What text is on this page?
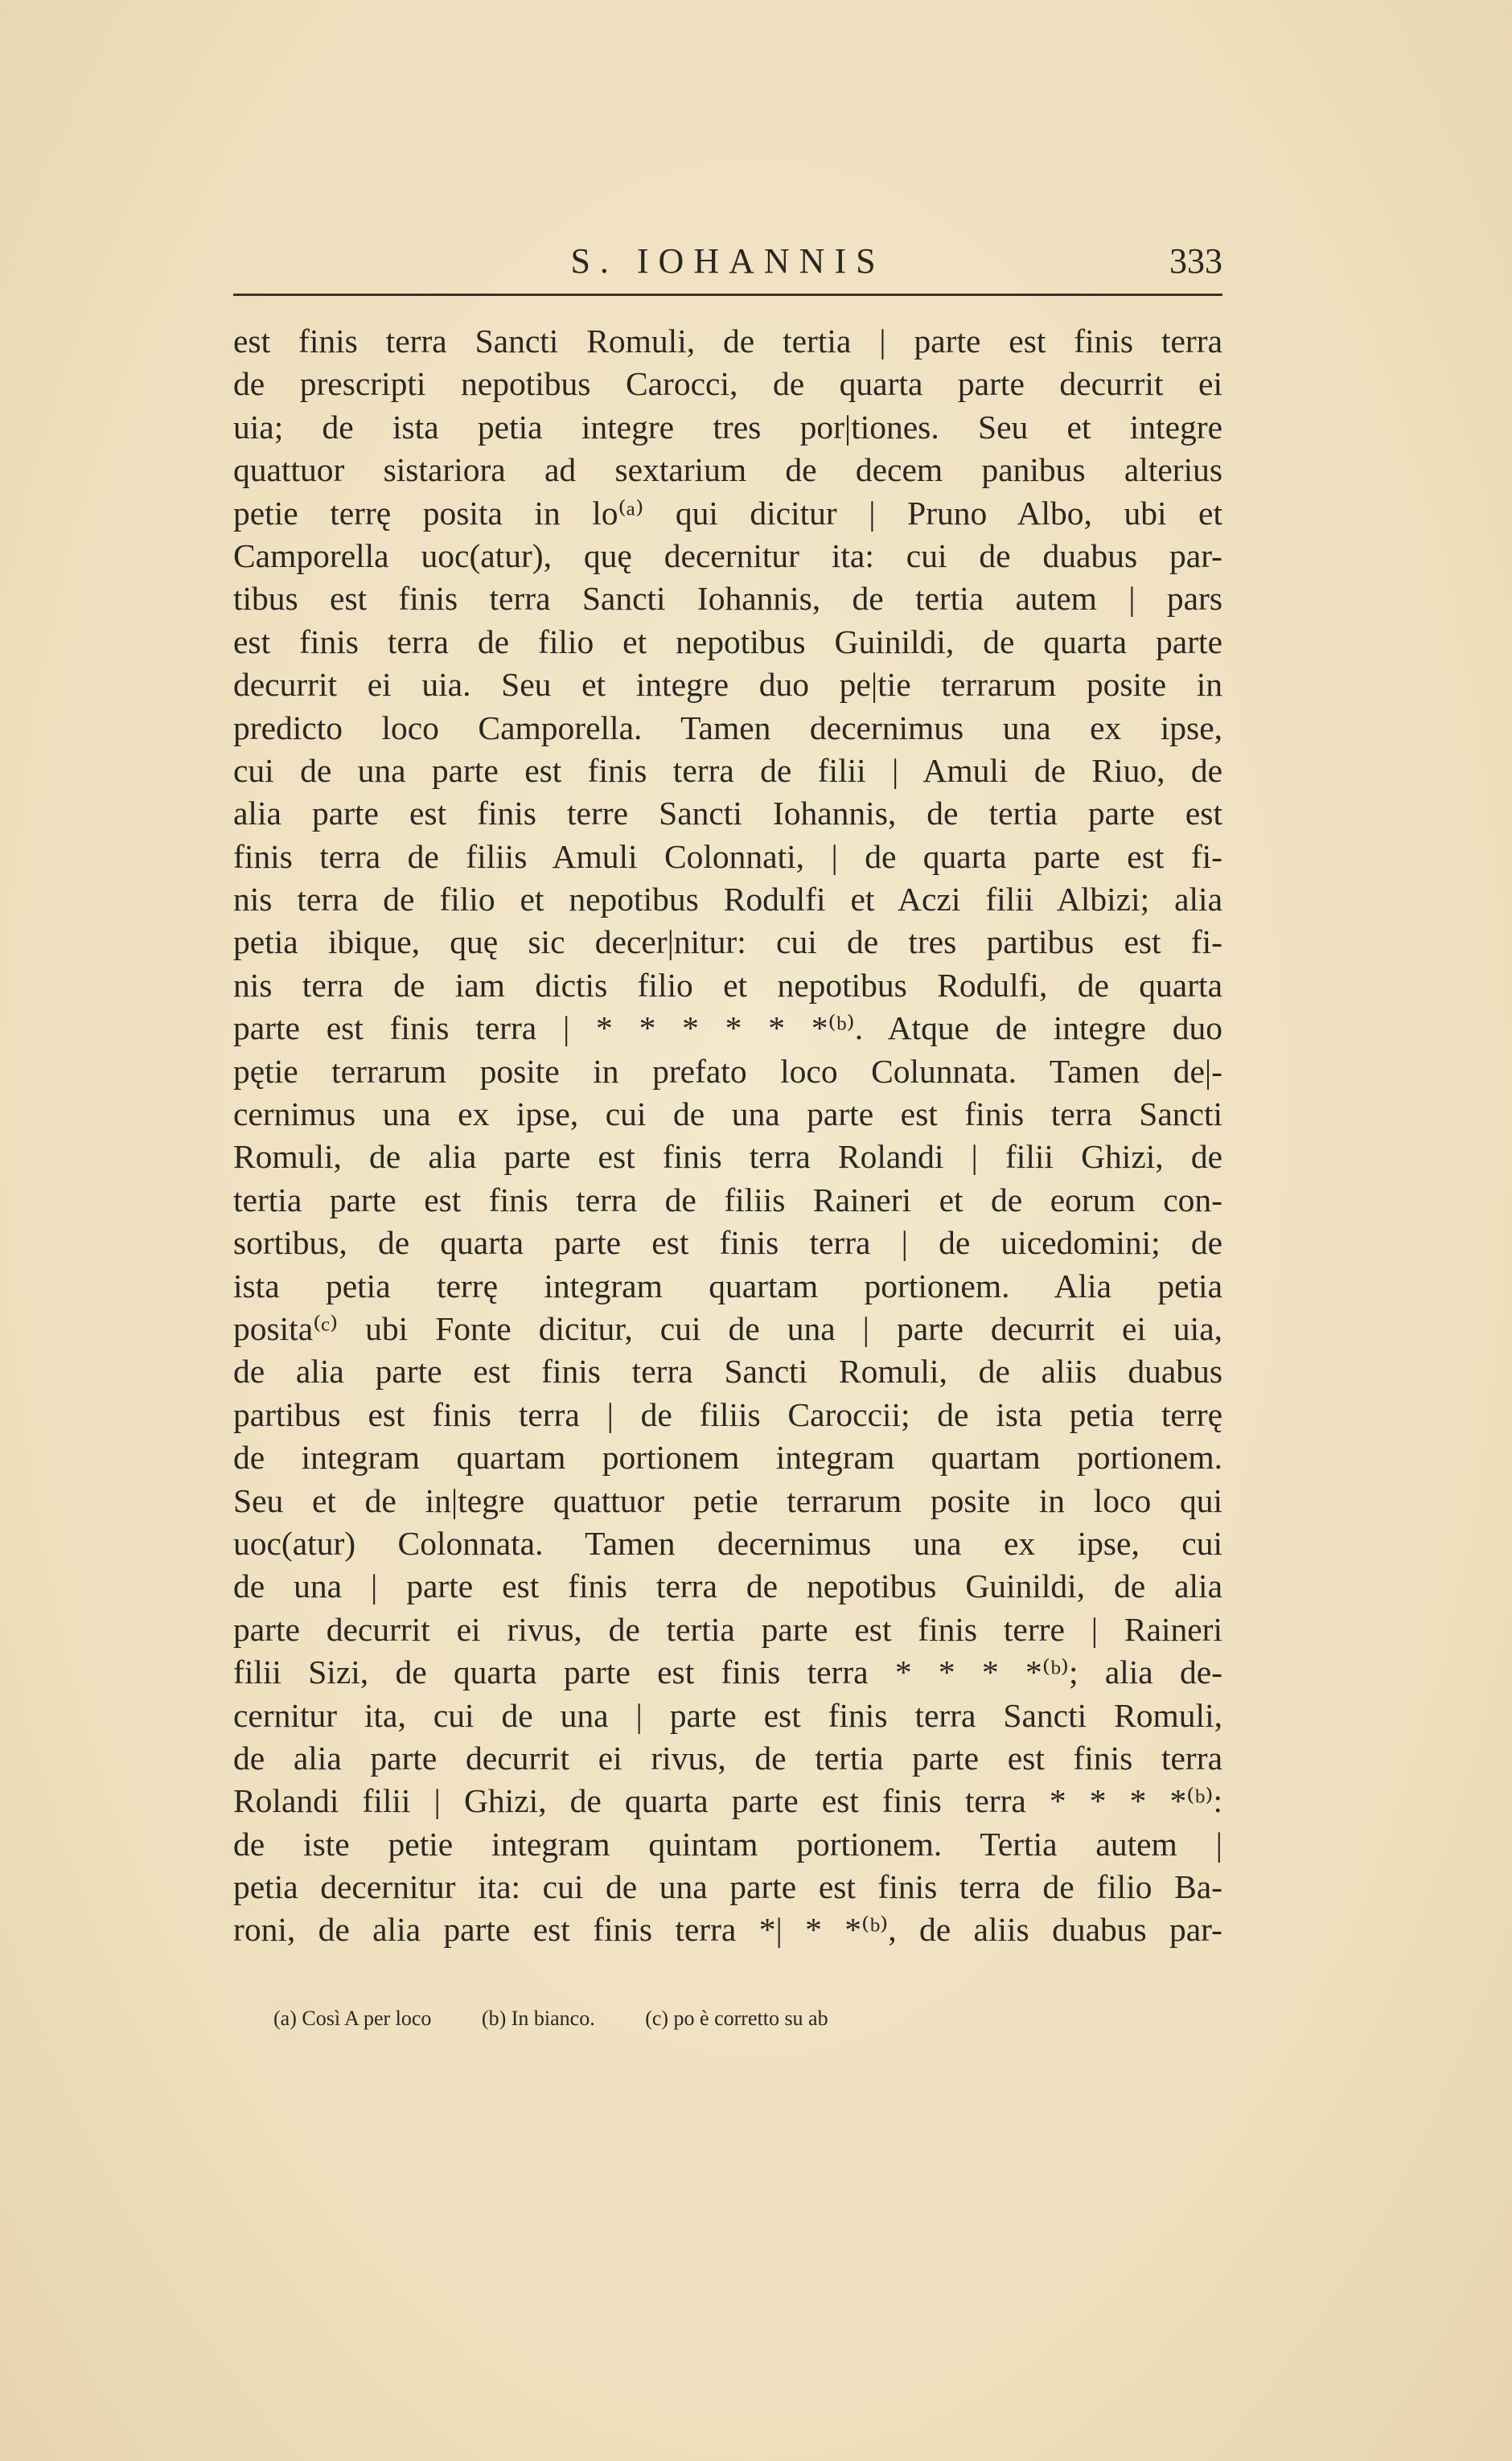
S. IOHANNIS	333
est finis terra Sancti Romuli, de tertia | parte est finis terra
de prescripti nepotibus Carocci, de quarta parte decurrit ei
uia; de ista petia integre tres por|tiones. Seu et integre
quattuor sistariora ad sextarium de decem panibus alterius
petie terrę posita in lo⁽ᵃ⁾ qui dicitur | Pruno Albo, ubi et
Camporella uoc(atur), quę decernitur ita: cui de duabus par-
tibus est finis terra Sancti Iohannis, de tertia autem | pars
est finis terra de filio et nepotibus Guinildi, de quarta parte
decurrit ei uia. Seu et integre duo pe|tie terrarum posite in
predicto loco Camporella. Tamen decernimus una ex ipse,
cui de una parte est finis terra de filii | Amuli de Riuo, de
alia parte est finis terre Sancti Iohannis, de tertia parte est
finis terra de filiis Amuli Colonnati, | de quarta parte est fi-
nis terra de filio et nepotibus Rodulfi et Aczi filii Albizi; alia
petia ibique, quę sic decer|nitur: cui de tres partibus est fi-
nis terra de iam dictis filio et nepotibus Rodulfi, de quarta
parte est finis terra | * * * * * *⁽ᵇ⁾. Atque de integre duo
pętie terrarum posite in prefato loco Colunnata. Tamen de|-
cernimus una ex ipse, cui de una parte est finis terra Sancti
Romuli, de alia parte est finis terra Rolandi | filii Ghizi, de
tertia parte est finis terra de filiis Raineri et de eorum con-
sortibus, de quarta parte est finis terra | de uicedomini; de
ista petia terrę integram quartam portionem. Alia petia
posita⁽ᶜ⁾ ubi Fonte dicitur, cui de una | parte decurrit ei uia,
de alia parte est finis terra Sancti Romuli, de aliis duabus
partibus est finis terra | de filiis Caroccii; de ista petia terrę
de integram quartam portionem integram quartam portionem.
Seu et de in|tegre quattuor petie terrarum posite in loco qui
uoc(atur) Colonnata. Tamen decernimus una ex ipse, cui
de una | parte est finis terra de nepotibus Guinildi, de alia
parte decurrit ei rivus, de tertia parte est finis terre | Raineri
filii Sizi, de quarta parte est finis terra * * * *⁽ᵇ⁾; alia de-
cernitur ita, cui de una | parte est finis terra Sancti Romuli,
de alia parte decurrit ei rivus, de tertia parte est finis terra
Rolandi filii | Ghizi, de quarta parte est finis terra * * * *⁽ᵇ⁾:
de iste petie integram quintam portionem. Tertia autem |
petia decernitur ita: cui de una parte est finis terra de filio Ba-
roni, de alia parte est finis terra *| * *⁽ᵇ⁾, de aliis duabus par-
(a) Così A per loco (b) In bianco. (c) po è corretto su ab
